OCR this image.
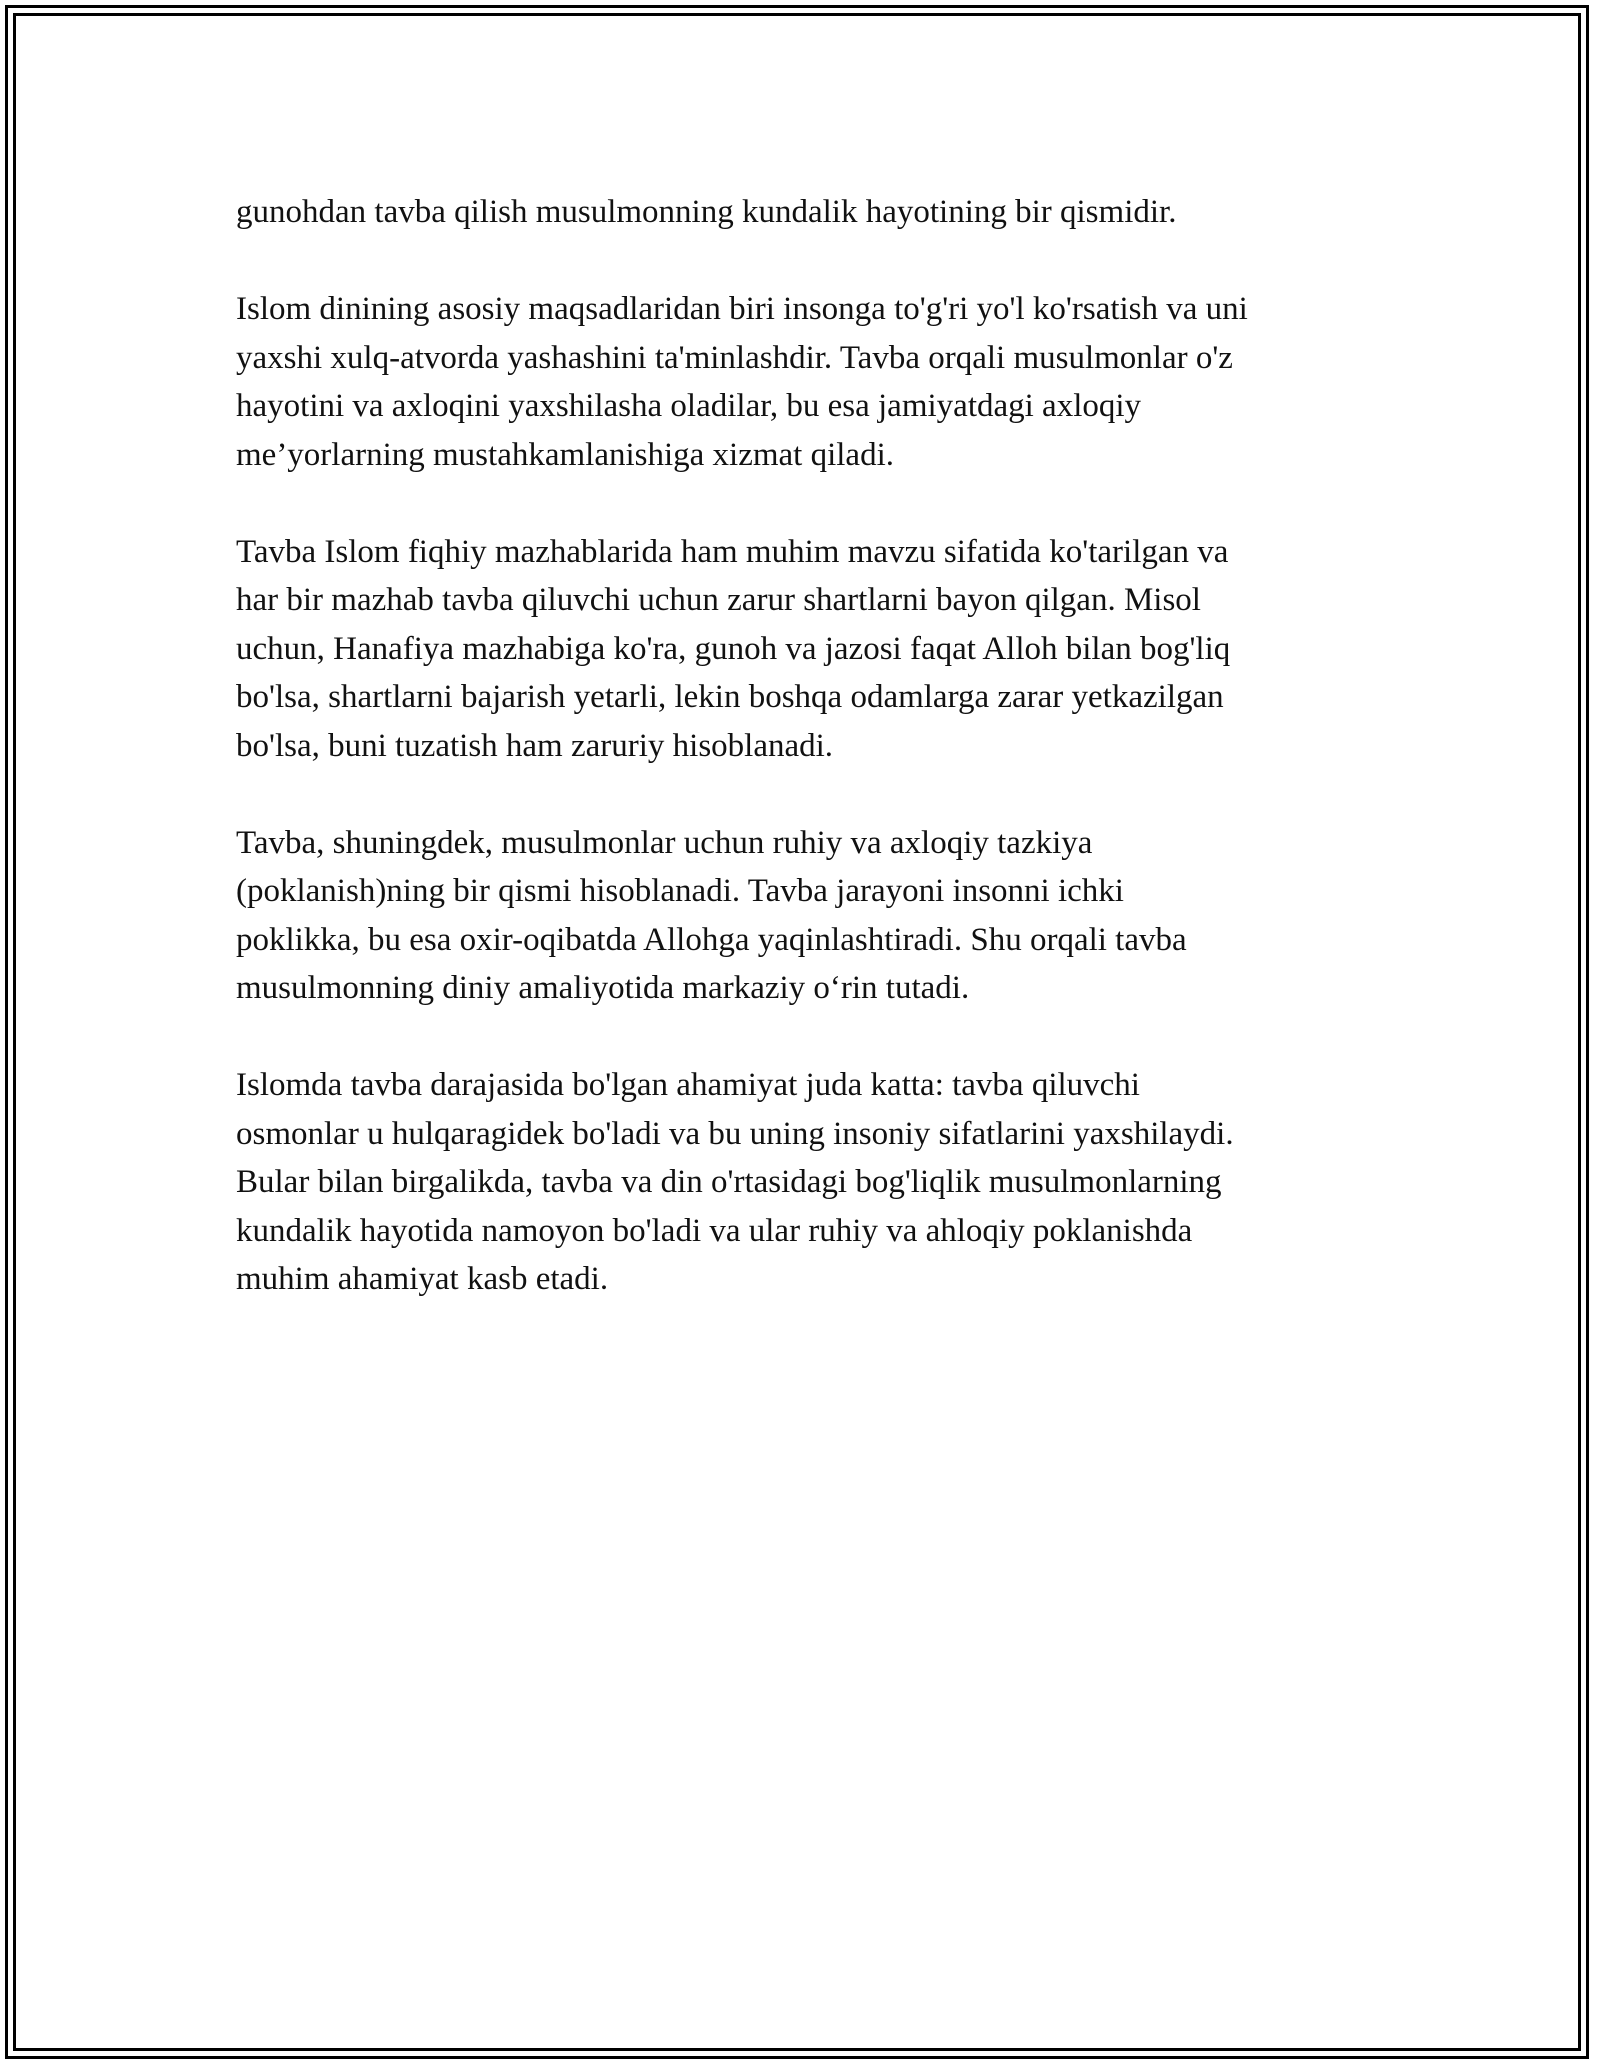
gunohdan tavba qilish musulmonning kundalik hayotining bir qismidir.

Islom dinining asosiy maqsadlaridan biri insonga to'g'ri yo'l ko'rsatish va uni
yaxshi xulq-atvorda yashashini ta'minlashdir. Tavba orqali musulmonlar o'z
hayotini va axloqini yaxshilasha oladilar, bu esa jamiyatdagi axloqiy
me’yorlarning mustahkamlanishiga xizmat qiladi.

Tavba Islom fiqhiy mazhablarida ham muhim mavzu sifatida ko'tarilgan va
har bir mazhab tavba qiluvchi uchun zarur shartlarni bayon qilgan. Misol
uchun, Hanafiya mazhabiga ko'ra, gunoh va jazosi faqat Alloh bilan bog'liq
bo'lsa, shartlarni bajarish yetarli, lekin boshqa odamlarga zarar yetkazilgan
bo'lsa, buni tuzatish ham zaruriy hisoblanadi.

Tavba, shuningdek, musulmonlar uchun ruhiy va axloqiy tazkiya
(poklanish)ning bir qismi hisoblanadi. Tavba jarayoni insonni ichki
poklikka, bu esa oxir-oqibatda Allohga yaqinlashtiradi. Shu orqali tavba
musulmonning diniy amaliyotida markaziy o‘rin tutadi.

Islomda tavba darajasida bo'lgan ahamiyat juda katta: tavba qiluvchi
osmonlar u hulqaragidek bo'ladi va bu uning insoniy sifatlarini yaxshilaydi.
Bular bilan birgalikda, tavba va din o'rtasidagi bog'liqlik musulmonlarning
kundalik hayotida namoyon bo'ladi va ular ruhiy va ahloqiy poklanishda
muhim ahamiyat kasb etadi.
